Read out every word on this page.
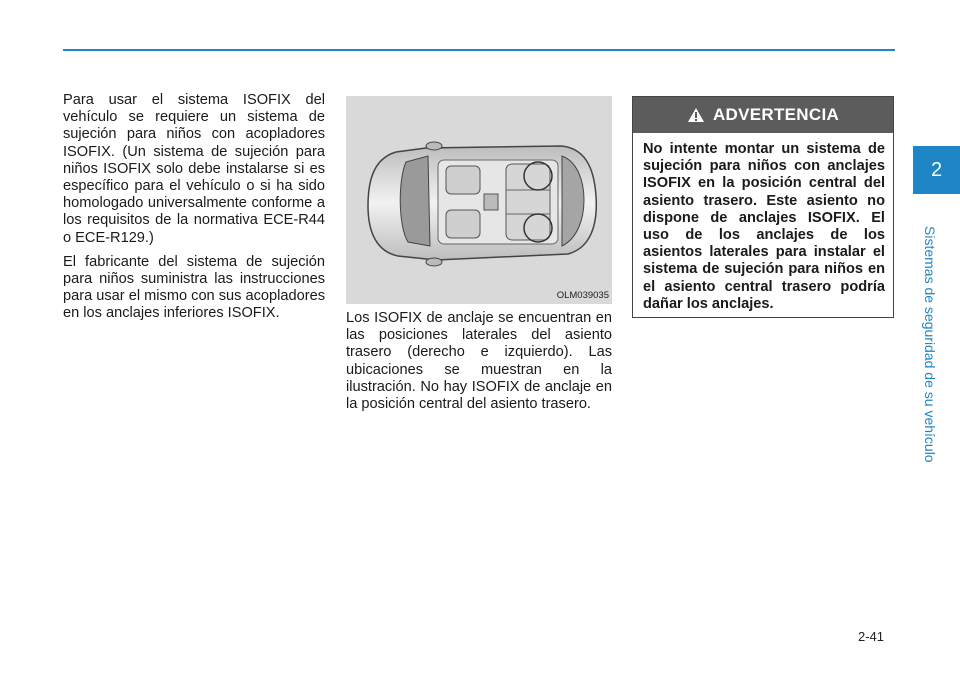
Para usar el sistema ISOFIX del vehículo se requiere un sistema de sujeción para niños con acopladores ISOFIX. (Un sistema de sujeción para niños ISOFIX solo debe instalarse si es específico para el vehículo o si ha sido homologado universalmente conforme a los requisitos de la normativa ECE-R44 o ECE-R129.)

El fabricante del sistema de sujeción para niños suministra las instrucciones para usar el mismo con sus acopladores en los anclajes inferiores ISOFIX.

OLM039035

Los ISOFIX de anclaje se encuentran en las posiciones laterales del asiento trasero (derecho e izquierdo). Las ubicaciones se muestran en la ilustración. No hay ISOFIX de anclaje en la posición central del asiento trasero.

ADVERTENCIA
No intente montar un sistema de sujeción para niños con anclajes ISOFIX en la posición central del asiento trasero. Este asiento no dispone de anclajes ISOFIX. El uso de los anclajes de los asientos laterales para instalar el sistema de sujeción para niños en el asiento central trasero podría dañar los anclajes.
2
Sistemas de seguridad de su vehículo
2-41
